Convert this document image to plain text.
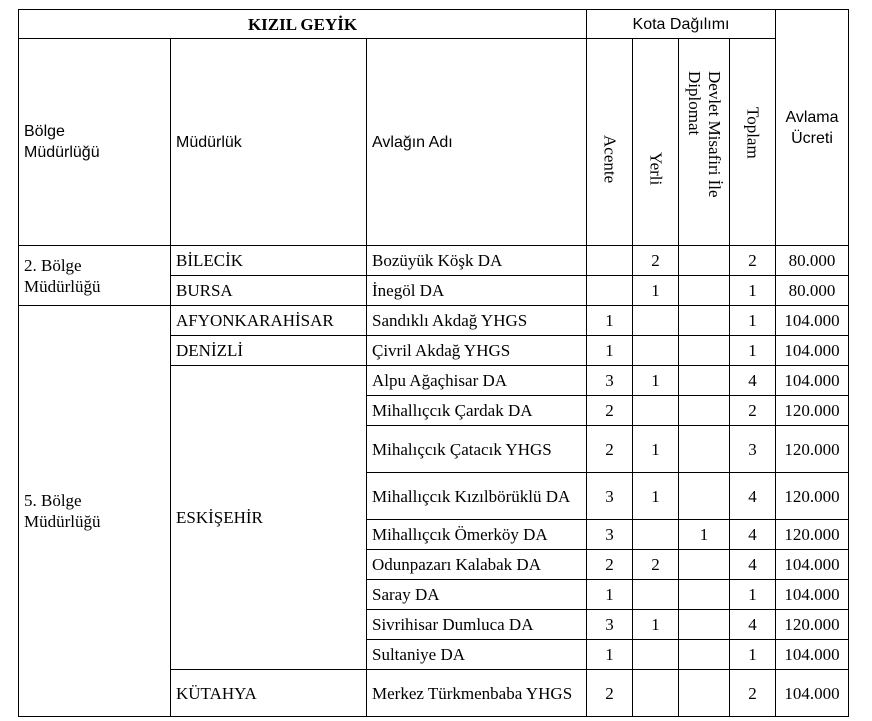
KIZIL GEYİK			Kota Dağılımı				Avlama Ücreti
Bölge Müdürlüğü	Müdürlük	Avlağın Adı	Acente	Yerli	Devlet Misafiri İle Diplomat	Toplam	

2. Bölge Müdürlüğü	BİLECİK	Bozüyük Köşk DA		2		2	80.000
	BURSA	İnegöl DA		1		1	80.000
5. Bölge Müdürlüğü	AFYONKARAHİSAR	Sandıklı Akdağ YHGS	1			1	104.000
	DENİZLİ	Çivril Akdağ YHGS	1			1	104.000
	ESKİŞEHİR	Alpu Ağaçhisar DA	3	1		4	104.000
		Mihallıçcık Çardak DA	2			2	120.000
		Mihalıçcık Çatacık YHGS	2	1		3	120.000
		Mihallıçcık Kızılbörüklü DA	3	1		4	120.000
		Mihallıçcık Ömerköy DA	3		1	4	120.000
		Odunpazarı Kalabak DA	2	2		4	104.000
		Saray DA	1			1	104.000
		Sivrihisar Dumluca DA	3	1		4	120.000
		Sultaniye DA	1			1	104.000
	KÜTAHYA	Merkez Türkmenbaba YHGS	2			2	104.000
